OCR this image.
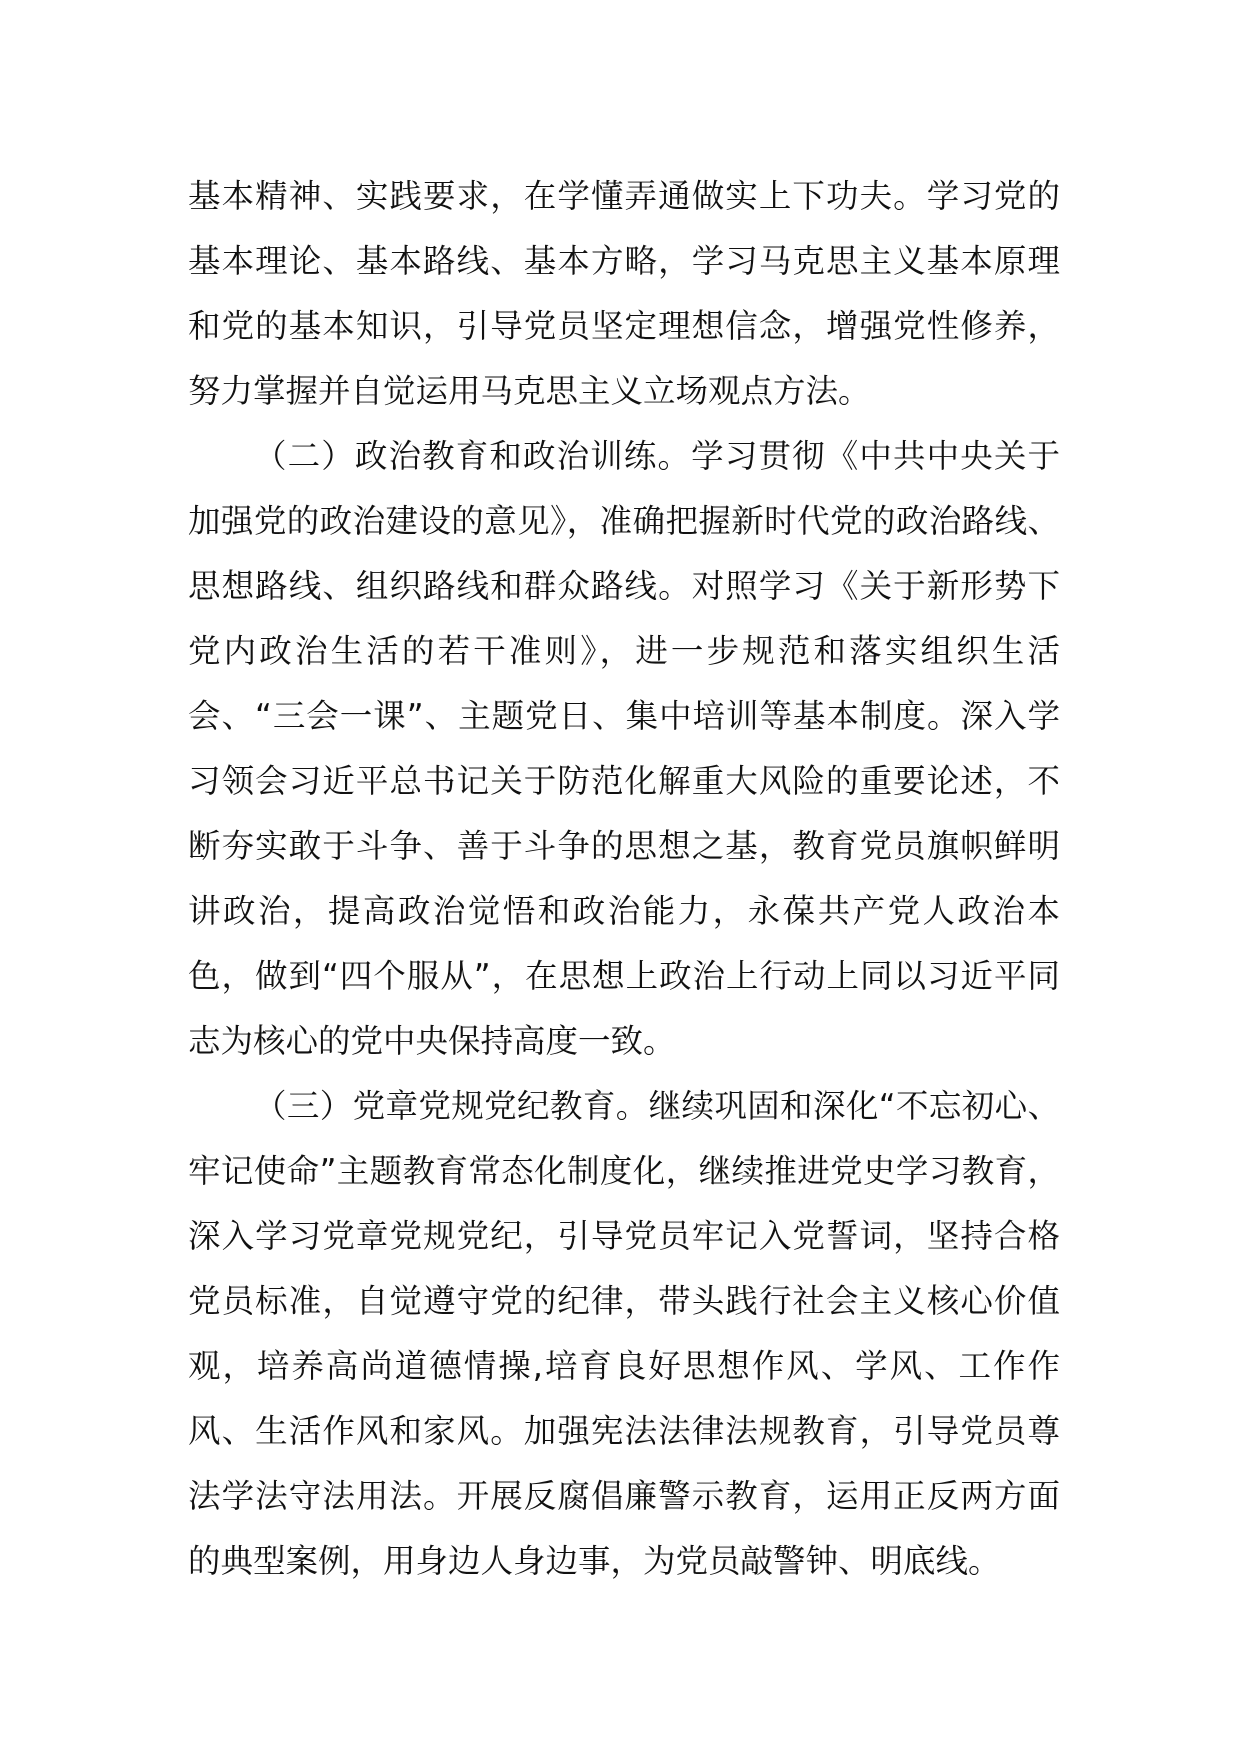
基本精神、实践要求，在学懂弄通做实上下功夫。学习党的基本理论、基本路线、基本方略，学习马克思主义基本原理和党的基本知识，引导党员坚定理想信念，增强党性修养，努力掌握并自觉运用马克思主义立场观点方法。

（二）政治教育和政治训练。学习贯彻《中共中央关于加强党的政治建设的意见》，准确把握新时代党的政治路线、思想路线、组织路线和群众路线。对照学习《关于新形势下党内政治生活的若干准则》，进一步规范和落实组织生活会、“三会一课”、主题党日、集中培训等基本制度。深入学习领会习近平总书记关于防范化解重大风险的重要论述，不断夯实敢于斗争、善于斗争的思想之基，教育党员旗帜鲜明讲政治，提高政治觉悟和政治能力，永葆共产党人政治本色，做到“四个服从”，在思想上政治上行动上同以习近平同志为核心的党中央保持高度一致。

（三）党章党规党纪教育。继续巩固和深化“不忘初心、牢记使命”主题教育常态化制度化，继续推进党史学习教育，深入学习党章党规党纪，引导党员牢记入党誓词，坚持合格党员标准，自觉遵守党的纪律，带头践行社会主义核心价值观，培养高尚道德情操,培育良好思想作风、学风、工作作风、生活作风和家风。加强宪法法律法规教育，引导党员尊法学法守法用法。开展反腐倡廉警示教育，运用正反两方面的典型案例，用身边人身边事，为党员敲警钟、明底线。
